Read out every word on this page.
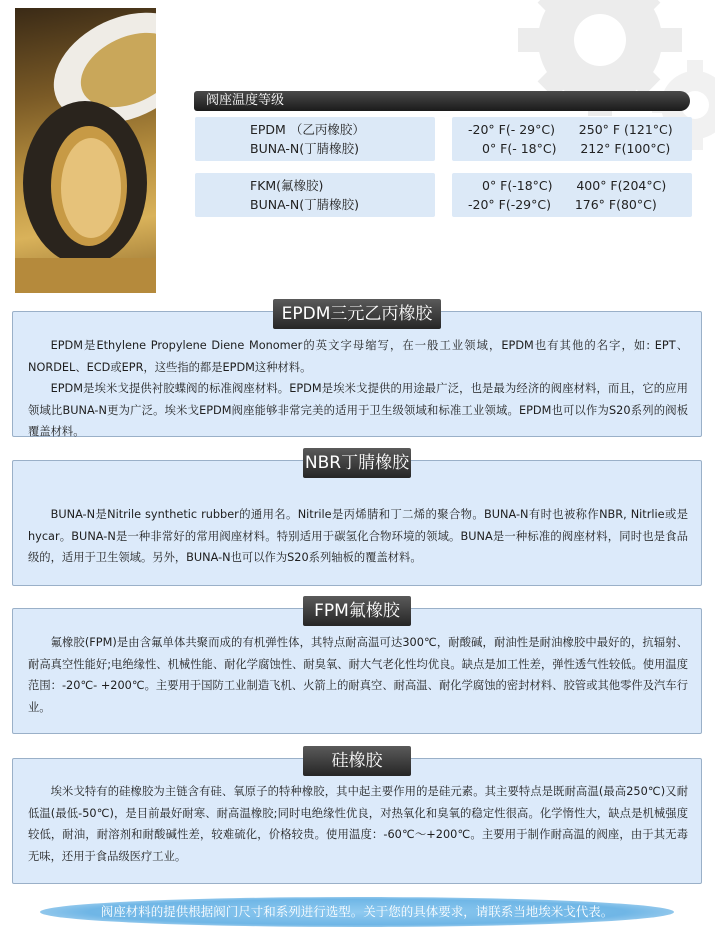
阀座温度等级
EPDM （乙丙橡胶）
BUNA-N(丁腈橡胶)
-20° F(- 29°C)      250° F (121°C)
0° F(- 18°C)      212° F(100°C)
FKM(氟橡胶)
BUNA-N(丁腈橡胶)
0° F(-18°C)      400° F(204°C)
-20° F(-29°C)      176° F(80°C)
EPDM三元乙丙橡胶

EPDM是Ethylene Propylene Diene Monomer的英文字母缩写，在一般工业领域，EPDM也有其他的名字，如: EPT、NORDEL、ECD或EPR，这些指的都是EPDM这种材料。

EPDM是埃米戈提供衬胶蝶阀的标准阀座材料。EPDM是埃米戈提供的用途最广泛，也是最为经济的阀座材料，而且，它的应用领域比BUNA-N更为广泛。埃米戈EPDM阀座能够非常完美的适用于卫生级领域和标准工业领域。EPDM也可以作为S20系列的阀板覆盖材料。

NBR丁腈橡胶

BUNA-N是Nitrile synthetic rubber的通用名。Nitrile是丙烯腈和丁二烯的聚合物。BUNA-N有时也被称作NBR, Nitrlie或是hycar。BUNA-N是一种非常好的常用阀座材料。特别适用于碳氢化合物环境的领域。BUNA是一种标准的阀座材料，同时也是食品级的，适用于卫生领域。另外，BUNA-N也可以作为S20系列轴板的覆盖材料。

FPM氟橡胶

氟橡胶(FPM)是由含氟单体共聚而成的有机弹性体，其特点耐高温可达300℃，耐酸碱，耐油性是耐油橡胶中最好的，抗辐射、耐高真空性能好;电绝缘性、机械性能、耐化学腐蚀性、耐臭氧、耐大气老化性均优良。缺点是加工性差，弹性透气性较低。使用温度范围：-20℃- +200℃。主要用于国防工业制造飞机、火箭上的耐真空、耐高温、耐化学腐蚀的密封材料、胶管或其他零件及汽车行业。

硅橡胶

埃米戈特有的硅橡胶为主链含有硅、氧原子的特种橡胶，其中起主要作用的是硅元素。其主要特点是既耐高温(最高250℃)又耐低温(最低-50℃)，是目前最好耐寒、耐高温橡胶;同时电绝缘性优良，对热氧化和臭氧的稳定性很高。化学惰性大，缺点是机械强度较低，耐油，耐溶剂和耐酸碱性差，较难硫化，价格较贵。使用温度：-60℃～+200℃。主要用于制作耐高温的阀座，由于其无毒无味，还用于食品级医疗工业。

阀座材料的提供根据阀门尺寸和系列进行选型。关于您的具体要求，请联系当地埃米戈代表。
